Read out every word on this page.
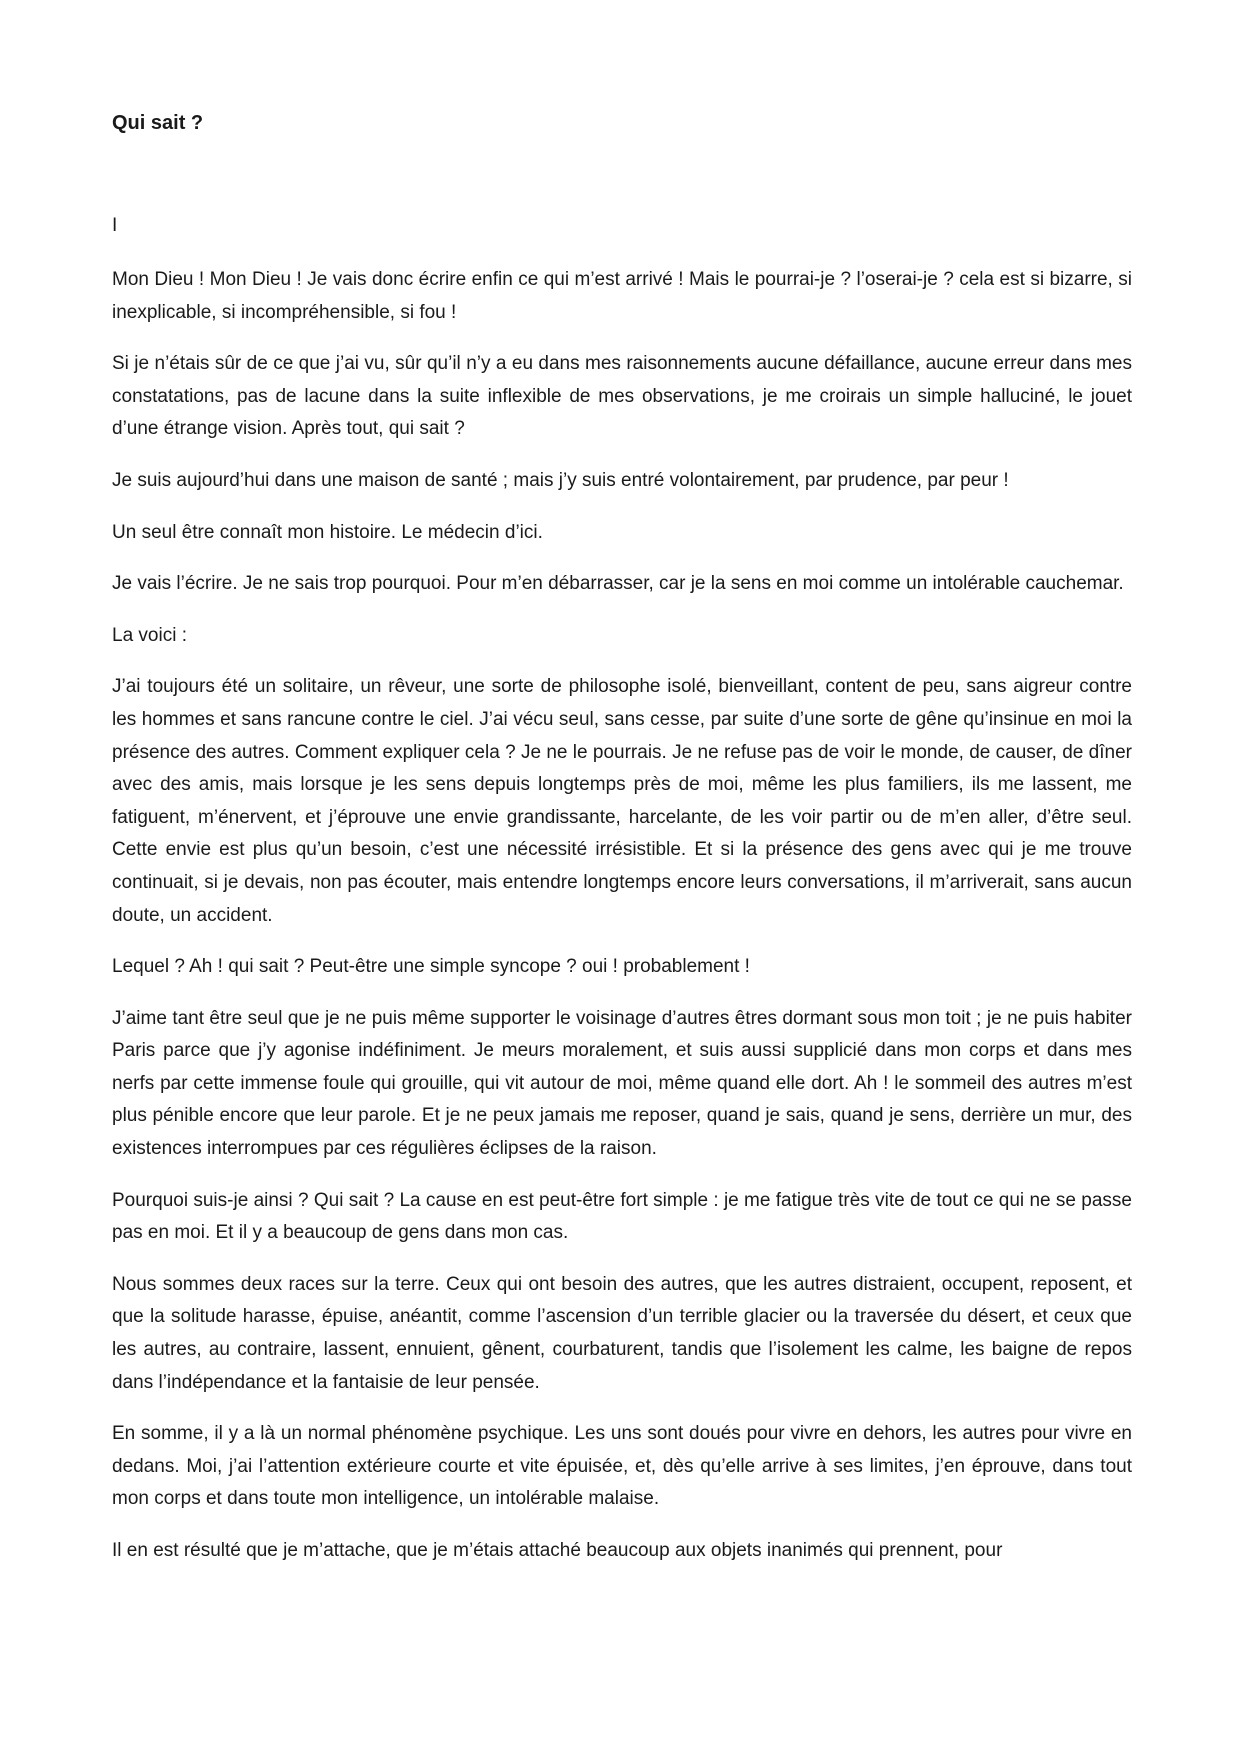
Qui sait ?

I

Mon Dieu ! Mon Dieu ! Je vais donc écrire enfin ce qui m’est arrivé ! Mais le pourrai-je ? l’oserai-je ? cela est si bizarre, si inexplicable, si incompréhensible, si fou !

Si je n’étais sûr de ce que j’ai vu, sûr qu’il n’y a eu dans mes raisonnements aucune défaillance, aucune erreur dans mes constatations, pas de lacune dans la suite inflexible de mes observations, je me croirais un simple halluciné, le jouet d’une étrange vision. Après tout, qui sait ?

Je suis aujourd’hui dans une maison de santé ; mais j’y suis entré volontairement, par prudence, par peur !

Un seul être connaît mon histoire. Le médecin d’ici.

Je vais l’écrire. Je ne sais trop pourquoi. Pour m’en débarrasser, car je la sens en moi comme un intolérable cauchemar.

La voici :

J’ai toujours été un solitaire, un rêveur, une sorte de philosophe isolé, bienveillant, content de peu, sans aigreur contre les hommes et sans rancune contre le ciel. J’ai vécu seul, sans cesse, par suite d’une sorte de gêne qu’insinue en moi la présence des autres. Comment expliquer cela ? Je ne le pourrais. Je ne refuse pas de voir le monde, de causer, de dîner avec des amis, mais lorsque je les sens depuis longtemps près de moi, même les plus familiers, ils me lassent, me fatiguent, m’énervent, et j’éprouve une envie grandissante, harcelante, de les voir partir ou de m’en aller, d’être seul. Cette envie est plus qu’un besoin, c’est une nécessité irrésistible. Et si la présence des gens avec qui je me trouve continuait, si je devais, non pas écouter, mais entendre longtemps encore leurs conversations, il m’arriverait, sans aucun doute, un accident.

Lequel ? Ah ! qui sait ? Peut-être une simple syncope ? oui ! probablement !

J’aime tant être seul que je ne puis même supporter le voisinage d’autres êtres dormant sous mon toit ; je ne puis habiter Paris parce que j’y agonise indéfiniment. Je meurs moralement, et suis aussi supplicié dans mon corps et dans mes nerfs par cette immense foule qui grouille, qui vit autour de moi, même quand elle dort. Ah ! le sommeil des autres m’est plus pénible encore que leur parole. Et je ne peux jamais me reposer, quand je sais, quand je sens, derrière un mur, des existences interrompues par ces régulières éclipses de la raison.

Pourquoi suis-je ainsi ? Qui sait ? La cause en est peut-être fort simple : je me fatigue très vite de tout ce qui ne se passe pas en moi. Et il y a beaucoup de gens dans mon cas.

Nous sommes deux races sur la terre. Ceux qui ont besoin des autres, que les autres distraient, occupent, reposent, et que la solitude harasse, épuise, anéantit, comme l’ascension d’un terrible glacier ou la traversée du désert, et ceux que les autres, au contraire, lassent, ennuient, gênent, courbaturent, tandis que l’isolement les calme, les baigne de repos dans l’indépendance et la fantaisie de leur pensée.

En somme, il y a là un normal phénomène psychique. Les uns sont doués pour vivre en dehors, les autres pour vivre en dedans. Moi, j’ai l’attention extérieure courte et vite épuisée, et, dès qu’elle arrive à ses limites, j’en éprouve, dans tout mon corps et dans toute mon intelligence, un intolérable malaise.

Il en est résulté que je m’attache, que je m’étais attaché beaucoup aux objets inanimés qui prennent, pour
